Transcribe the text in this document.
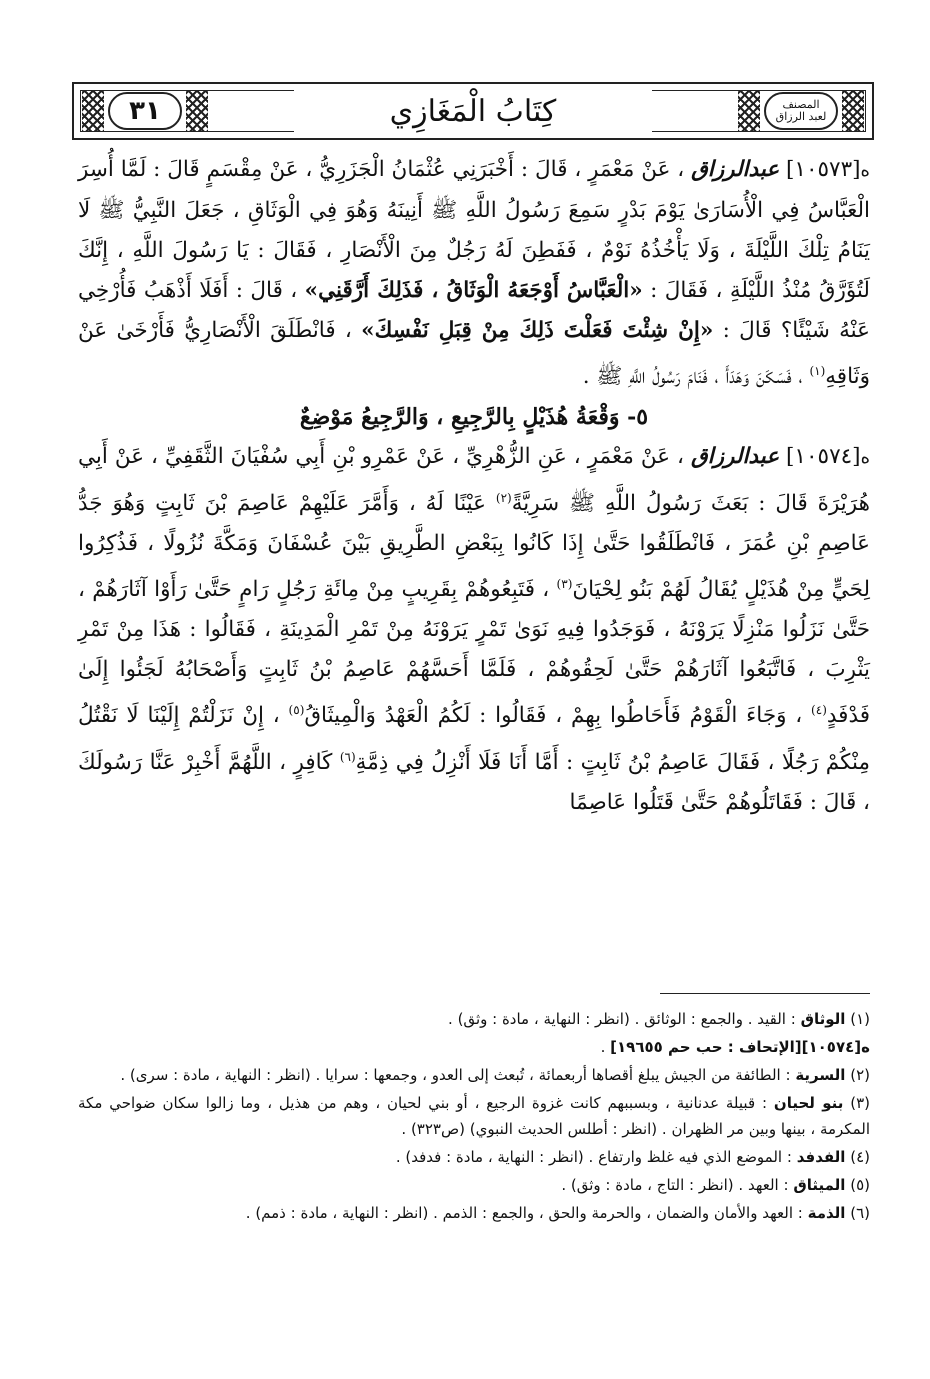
٣١	كِتَابُ الْمَغَازِي	المصنف
لعبد الرزاق

ه[١٠٥٧٣] عبدالرزاق ، عَنْ مَعْمَرٍ ، قَالَ : أَخْبَرَنِي عُثْمَانُ الْجَزَرِيُّ ، عَنْ مِقْسَمٍ قَالَ : لَمَّا أُسِرَ الْعَبَّاسُ فِي الْأُسَارَىٰ يَوْمَ بَدْرٍ سَمِعَ رَسُولُ اللَّهِ ﷺ أَنِينَهُ وَهُوَ فِي الْوَثَاقِ ، جَعَلَ النَّبِيُّ ﷺ لَا يَنَامُ تِلْكَ اللَّيْلَةَ ، وَلَا يَأْخُذُهُ نَوْمٌ ، فَفَطِنَ لَهُ رَجُلٌ مِنَ الْأَنْصَارِ ، فَقَالَ : يَا رَسُولَ اللَّهِ ، إِنَّكَ لَتُؤَرَّقُ مُنْذُ اللَّيْلَةِ ، فَقَالَ : «الْعَبَّاسُ أَوْجَعَهُ الْوَثَاقُ ، فَذَلِكَ أَرَّقَنِي» ، قَالَ : أَفَلَا أَذْهَبُ فَأُرْخِي عَنْهُ شَيْئًا؟ قَالَ : «إِنْ شِئْتَ فَعَلْتَ ذَلِكَ مِنْ قِبَلِ نَفْسِكَ» ، فَانْطَلَقَ الْأَنْصَارِيُّ فَأَرْخَىٰ عَنْ وَثَاقِهِ$^{(١)}$ ، فَسَكَنَ وَهَدَأَ ، فَنَامَ رَسُولُ اللَّهِ ﷺ .

٥- وَقْعَةُ هُذَيْلٍ بِالرَّجِيعِ ، وَالرَّجِيعُ مَوْضِعٌ

ه[١٠٥٧٤] عبدالرزاق ، عَنْ مَعْمَرٍ ، عَنِ الزُّهْرِيِّ ، عَنْ عَمْرِو بْنِ أَبِي سُفْيَانَ الثَّقَفِيِّ ، عَنْ أَبِي هُرَيْرَةَ قَالَ : بَعَثَ رَسُولُ اللَّهِ ﷺ سَرِيَّةً$^{(٢)}$ عَيْنًا لَهُ ، وَأَمَّرَ عَلَيْهِمْ عَاصِمَ بْنَ ثَابِتٍ وَهُوَ جَدُّ عَاصِمِ بْنِ عُمَرَ ، فَانْطَلَقُوا حَتَّىٰ إِذَا كَانُوا بِبَعْضِ الطَّرِيقِ بَيْنَ عُسْفَانَ وَمَكَّةَ نُزُولًا ، فَذُكِرُوا لِحَيٍّ مِنْ هُذَيْلٍ يُقَالُ لَهُمْ بَنُو لِحْيَانَ$^{(٣)}$ ، فَتَبِعُوهُمْ بِقَرِيبٍ مِنْ مِائَةِ رَجُلٍ رَامٍ حَتَّىٰ رَأَوْا آثَارَهُمْ ، حَتَّىٰ نَزَلُوا مَنْزِلًا يَرَوْنَهُ ، فَوَجَدُوا فِيهِ نَوَىٰ تَمْرٍ يَرَوْنَهُ مِنْ تَمْرِ الْمَدِينَةِ ، فَقَالُوا : هَذَا مِنْ تَمْرِ يَثْرِبَ ، فَاتَّبَعُوا آثَارَهُمْ حَتَّىٰ لَحِقُوهُمْ ، فَلَمَّا أَحَسَّهُمْ عَاصِمُ بْنُ ثَابِتٍ وَأَصْحَابُهُ لَجَئُوا إِلَىٰ فَدْفَدٍ$^{(٤)}$ ، وَجَاءَ الْقَوْمُ فَأَحَاطُوا بِهِمْ ، فَقَالُوا : لَكُمُ الْعَهْدُ وَالْمِيثَاقُ$^{(٥)}$ ، إِنْ نَزَلْتُمْ إِلَيْنَا لَا نَقْتُلُ مِنْكُمْ رَجُلًا ، فَقَالَ عَاصِمُ بْنُ ثَابِتٍ : أَمَّا أَنَا فَلَا أَنْزِلُ فِي ذِمَّةِ$^{(٦)}$ كَافِرٍ ، اللَّهُمَّ أَخْبِرْ عَنَّا رَسُولَكَ ، قَالَ : فَقَاتَلُوهُمْ حَتَّىٰ قَتَلُوا عَاصِمًا

(١) الوثاق : القيد . والجمع : الوثائق . (انظر : النهاية ، مادة : وثق) .

ه[١٠٥٧٤][الإتحاف : حب حم ١٩٦٥٥] .

(٢) السرية : الطائفة من الجيش يبلغ أقصاها أربعمائة ، تُبعث إلى العدو ، وجمعها : سرايا . (انظر : النهاية ، مادة : سرى) .

(٣) بنو لحيان : قبيلة عدنانية ، وبسببهم كانت غزوة الرجيع ، أو بني لحيان ، وهم من هذيل ، وما زالوا سكان ضواحي مكة المكرمة ، بينها وبين مر الظهران . (انظر : أطلس الحديث النبوي) (ص٣٢٣) .

(٤) الفدفد : الموضع الذي فيه غلظ وارتفاع . (انظر : النهاية ، مادة : فدفد) .

(٥) الميثاق : العهد . (انظر : التاج ، مادة : وثق) .

(٦) الذمة : العهد والأمان والضمان ، والحرمة والحق ، والجمع : الذمم . (انظر : النهاية ، مادة : ذمم) .
